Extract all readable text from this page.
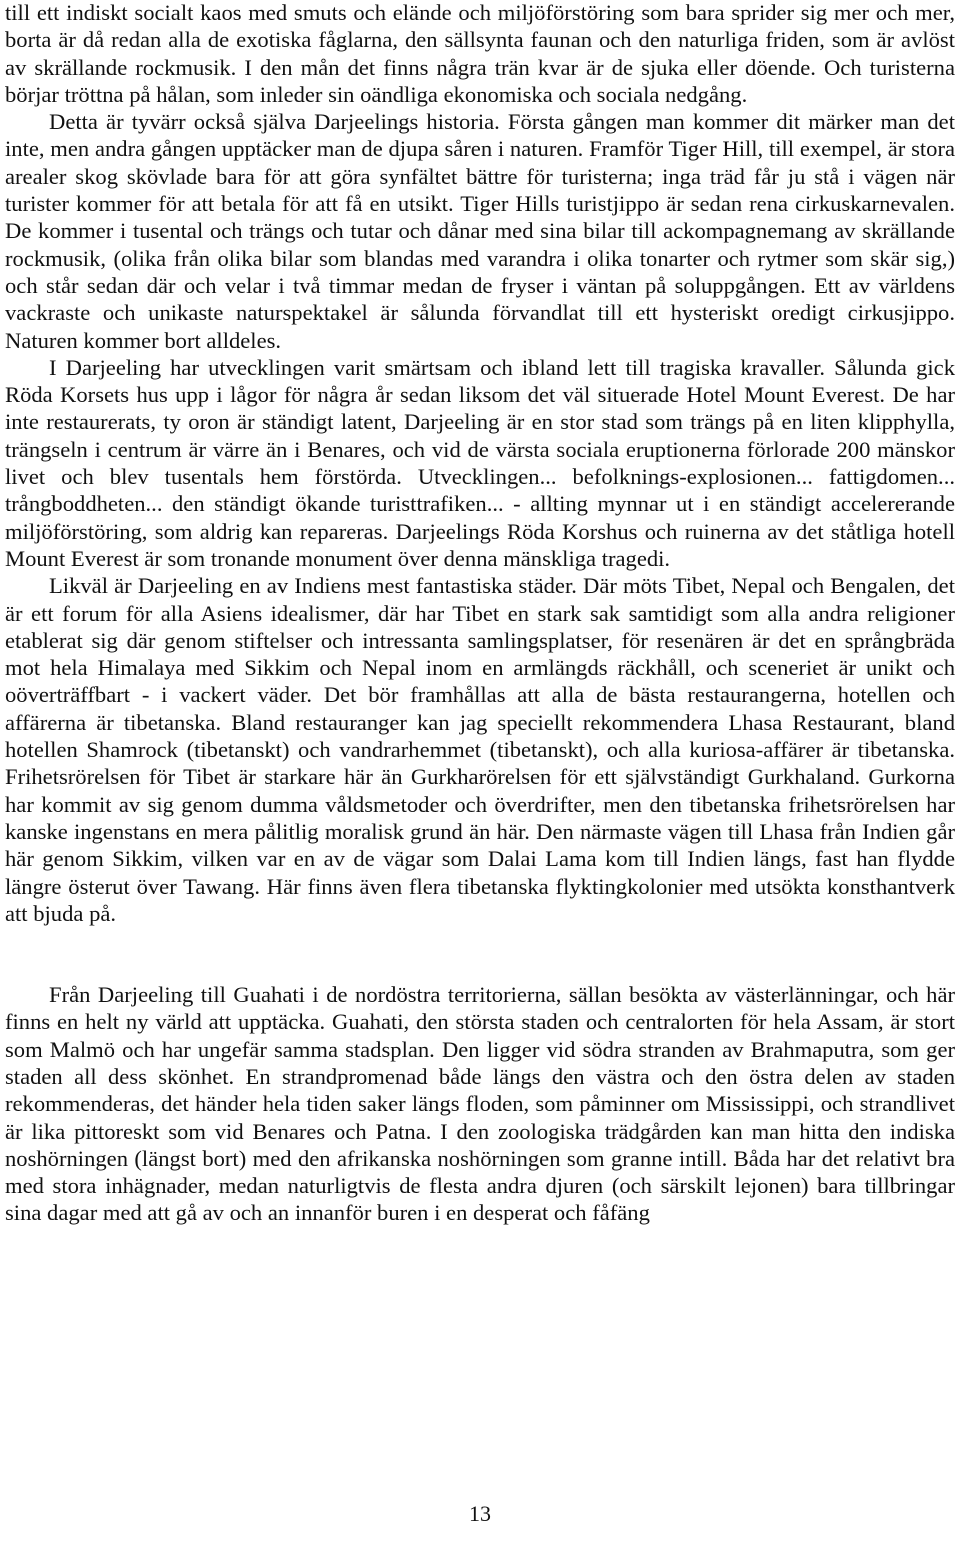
till ett indiskt socialt kaos med smuts och elände och miljöförstöring som bara sprider sig mer och mer, borta är då redan alla de exotiska fåglarna, den sällsynta faunan och den naturliga friden, som är avlöst av skrällande rockmusik. I den mån det finns några trän kvar är de sjuka eller döende. Och turisterna börjar tröttna på hålan, som inleder sin oändliga ekonomiska och sociala nedgång.

Detta är tyvärr också själva Darjeelings historia. Första gången man kommer dit märker man det inte, men andra gången upptäcker man de djupa såren i naturen. Framför Tiger Hill, till exempel, är stora arealer skog skövlade bara för att göra synfältet bättre för turisterna; inga träd får ju stå i vägen när turister kommer för att betala för att få en utsikt. Tiger Hills turistjippo är sedan rena cirkuskarnevalen. De kommer i tusental och trängs och tutar och dånar med sina bilar till ackompagnemang av skrällande rockmusik, (olika från olika bilar som blandas med varandra i olika tonarter och rytmer som skär sig,) och står sedan där och velar i två timmar medan de fryser i väntan på soluppgången. Ett av världens vackraste och unikaste naturspektakel är sålunda förvandlat till ett hysteriskt oredigt cirkusjippo. Naturen kommer bort alldeles.

I Darjeeling har utvecklingen varit smärtsam och ibland lett till tragiska kravaller. Sålunda gick Röda Korsets hus upp i lågor för några år sedan liksom det väl situerade Hotel Mount Everest. De har inte restaurerats, ty oron är ständigt latent, Darjeeling är en stor stad som trängs på en liten klipphylla, trängseln i centrum är värre än i Benares, och vid de värsta sociala eruptionerna förlorade 200 mänskor livet och blev tusentals hem förstörda. Utvecklingen... befolknings-explosionen... fattigdomen... trångboddheten... den ständigt ökande turisttrafiken... - allting mynnar ut i en ständigt accelererande miljöförstöring, som aldrig kan repareras. Darjeelings Röda Korshus och ruinerna av det ståtliga hotell Mount Everest är som tronande monument över denna mänskliga tragedi.

Likväl är Darjeeling en av Indiens mest fantastiska städer. Där möts Tibet, Nepal och Bengalen, det är ett forum för alla Asiens idealismer, där har Tibet en stark sak samtidigt som alla andra religioner etablerat sig där genom stiftelser och intressanta samlingsplatser, för resenären är det en språngbräda mot hela Himalaya med Sikkim och Nepal inom en armlängds räckhåll, och sceneriet är unikt och oöverträffbart - i vackert väder. Det bör framhållas att alla de bästa restaurangerna, hotellen och affärerna är tibetanska. Bland restauranger kan jag speciellt rekommendera Lhasa Restaurant, bland hotellen Shamrock (tibetanskt) och vandrarhemmet (tibetanskt), och alla kuriosa-affärer är tibetanska. Frihetsrörelsen för Tibet är starkare här än Gurkharörelsen för ett självständigt Gurkhaland. Gurkorna har kommit av sig genom dumma våldsmetoder och överdrifter, men den tibetanska frihetsrörelsen har kanske ingenstans en mera pålitlig moralisk grund än här. Den närmaste vägen till Lhasa från Indien går här genom Sikkim, vilken var en av de vägar som Dalai Lama kom till Indien längs, fast han flydde längre österut över Tawang. Här finns även flera tibetanska flyktingkolonier med utsökta konsthantverk att bjuda på.

Från Darjeeling till Guahati i de nordöstra territorierna, sällan besökta av västerlänningar, och här finns en helt ny värld att upptäcka. Guahati, den största staden och centralorten för hela Assam, är stort som Malmö och har ungefär samma stadsplan. Den ligger vid södra stranden av Brahmaputra, som ger staden all dess skönhet. En strandpromenad både längs den västra och den östra delen av staden rekommenderas, det händer hela tiden saker längs floden, som påminner om Mississippi, och strandlivet är lika pittoreskt som vid Benares och Patna. I den zoologiska trädgården kan man hitta den indiska noshörningen (längst bort) med den afrikanska noshörningen som granne intill. Båda har det relativt bra med stora inhägnader, medan naturligtvis de flesta andra djuren (och särskilt lejonen) bara tillbringar sina dagar med att gå av och an innanför buren i en desperat och fåfäng

13
